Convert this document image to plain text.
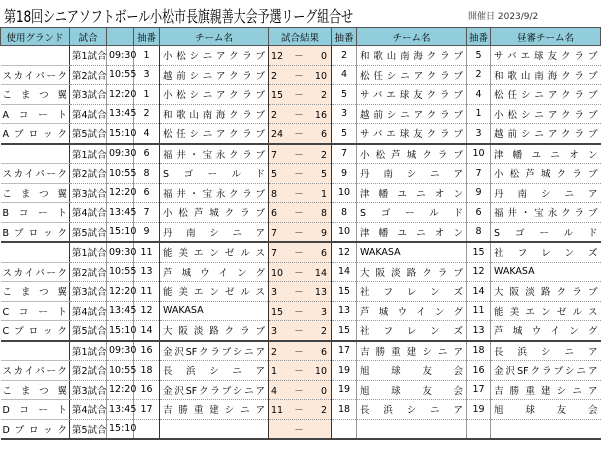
第18回シニアソフトボール小松市長旗親善大会予選リーグ組合せ	開催日 2023/9/2
使用グランド	試合		抽番	チーム名	試合結果	抽番	チーム名	抽番	昼審チーム名
	第1試合	09:30	1	小松シニアクラブ	12 － 0	2	和歌山南海クラブ	5	サバエ球友クラブ
スカイパーク	第2試合	10:55	3	越前シニアクラブ	2 － 10	4	松任シニアクラブ	2	和歌山南海クラブ
こまつ翼	第3試合	12:20	1	小松シニアクラブ	15 － 2	5	サバエ球友クラブ	4	松任シニアクラブ
Aコート	第4試合	13:45	2	和歌山南海クラブ	2 － 16	3	越前シニアクラブ	1	小松シニアクラブ
Aブロック	第5試合	15:10	4	松任シニアクラブ	24 － 6	5	サバエ球友クラブ	3	越前シニアクラブ
	第1試合	09:30	6	福井・宝永クラブ	7 － 2	7	小松芦城クラブ	10	津幡ユニオン
スカイパーク	第2試合	10:55	8	Sゴールド	5 － 5	9	丹南シニア	7	小松芦城クラブ
こまつ翼	第3試合	12:20	6	福井・宝永クラブ	8 － 1	10	津幡ユニオン	9	丹南シニア
Bコート	第4試合	13:45	7	小松芦城クラブ	6 － 8	8	Sゴールド	6	福井・宝永クラブ
Bブロック	第5試合	15:10	9	丹南シニア	7 － 9	10	津幡ユニオン	8	Sゴールド
	第1試合	09:30	11	能美エンゼルス	7 － 6	12	WAKASA	15	社フレンズ
スカイパーク	第2試合	10:55	13	芦城ウイング	10 － 14	14	大阪淡路クラブ	12	WAKASA
こまつ翼	第3試合	12:20	11	能美エンゼルス	3 － 13	15	社フレンズ	14	大阪淡路クラブ
Cコート	第4試合	13:45	12	WAKASA	15 － 3	13	芦城ウイング	11	能美エンゼルス
Cブロック	第5試合	15:10	14	大阪淡路クラブ	3 － 2	15	社フレンズ	13	芦城ウイング
	第1試合	09:30	16	金沢SFクラブシニア	2 － 6	17	吉勝重建シニア	18	長浜シニア
スカイパーク	第2試合	10:55	18	長浜シニア	1 － 10	19	旭球友会	16	金沢SFクラブシニア
こまつ翼	第3試合	12:20	16	金沢SFクラブシニア	4 － 0	19	旭球友会	17	吉勝重建シニア
Dコート	第4試合	13:45	17	吉勝重建シニア	11 － 2	18	長浜シニア	19	旭球友会
Dブロック	第5試合	15:10			－				
